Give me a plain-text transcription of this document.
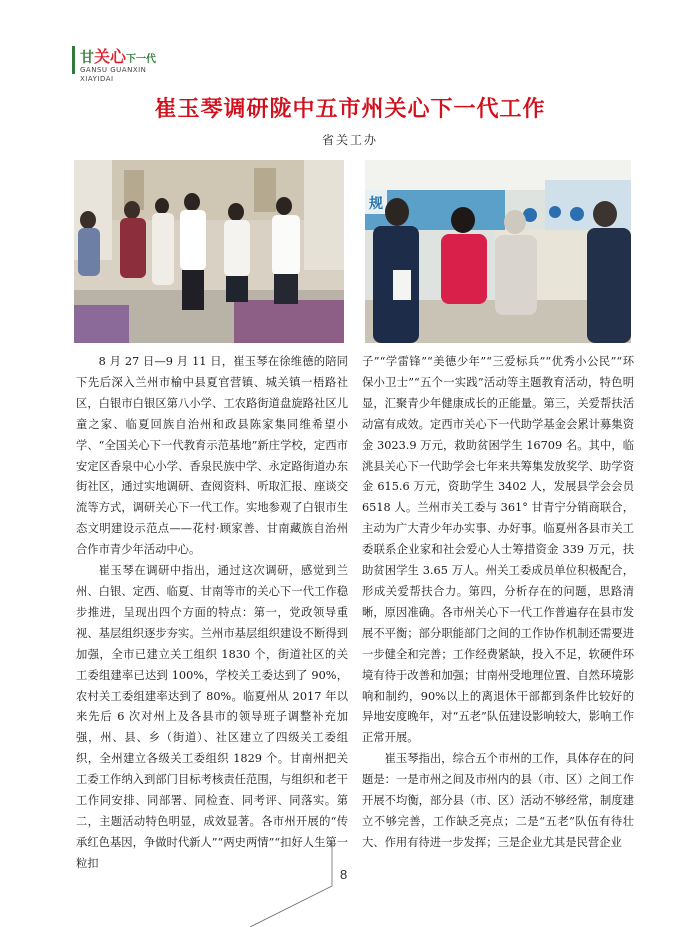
甘关心下一代
GANSU GUANXIN
XIAYIDAI
崔玉琴调研陇中五市州关心下一代工作
省关工办
规

8 月 27 日—9 月 11 日，崔玉琴在徐维德的陪同下先后深入兰州市榆中县夏官营镇、城关镇一梧路社区，白银市白银区第八小学、工农路街道盘旋路社区儿童之家、临夏回族自治州和政县陈家集同维希望小学、“全国关心下一代教育示范基地”新庄学校，定西市安定区香泉中心小学、香泉民族中学、永定路街道办东街社区，通过实地调研、查阅资料、听取汇报、座谈交流等方式，调研关心下一代工作。实地参观了白银市生态文明建设示范点——花村·顾家善、甘南藏族自治州合作市青少年活动中心。

崔玉琴在调研中指出，通过这次调研，感觉到兰州、白银、定西、临夏、甘南等市的关心下一代工作稳步推进，呈现出四个方面的特点：第一，党政领导重视、基层组织逐步夯实。兰州市基层组织建设不断得到加强，全市已建立关工组织 1830 个，街道社区的关工委组建率已达到 100%，学校关工委达到了 90%，农村关工委组建率达到了 80%。临夏州从 2017 年以来先后 6 次对州上及各县市的领导班子调整补充加强，州、县、乡（街道）、社区建立了四级关工委组织，全州建立各级关工委组织 1829 个。甘南州把关工委工作纳入到部门目标考核责任范围，与组织和老干工作同安排、同部署、同检查、同考评、同落实。第二，主题活动特色明显，成效显著。各市州开展的“传承红色基因，争做时代新人”“两史两情”“扣好人生第一粒扣

子”“学雷锋”“美德少年”“三爱标兵”“优秀小公民”“环保小卫士”“五个一实践”活动等主题教育活动，特色明显，汇聚青少年健康成长的正能量。第三，关爱帮扶活动富有成效。定西市关心下一代助学基金会累计募集资金 3023.9 万元，救助贫困学生 16709 名。其中，临洮县关心下一代助学会七年来共筹集发放奖学、助学资金 615.6 万元，资助学生 3402 人，发展县学会会员 6518 人。兰州市关工委与 361° 甘青宁分销商联合，主动为广大青少年办实事、办好事。临夏州各县市关工委联系企业家和社会爱心人士筹措资金 339 万元，扶助贫困学生 3.65 万人。州关工委成员单位积极配合，形成关爱帮扶合力。第四，分析存在的问题，思路清晰，原因准确。各市州关心下一代工作普遍存在县市发展不平衡；部分职能部门之间的工作协作机制还需要进一步健全和完善；工作经费紧缺，投入不足，软硬件环境有待于改善和加强；甘南州受地理位置、自然环境影响和制约，90%以上的离退休干部都到条件比较好的异地安度晚年，对“五老”队伍建设影响较大，影响工作正常开展。

崔玉琴指出，综合五个市州的工作，具体存在的问题是：一是市州之间及市州内的县（市、区）之间工作开展不均衡，部分县（市、区）活动不够经常，制度建立不够完善，工作缺乏亮点；二是“五老”队伍有待壮大、作用有待进一步发挥；三是企业尤其是民营企业

8
